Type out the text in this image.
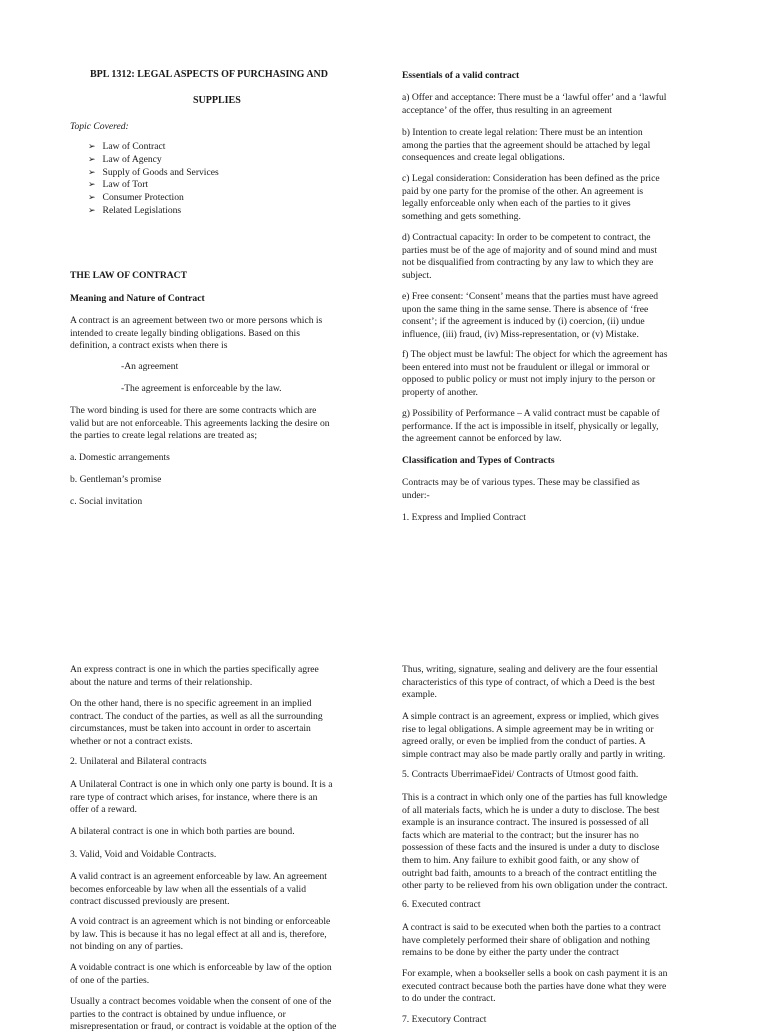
BPL 1312: LEGAL ASPECTS OF PURCHASING AND
SUPPLIES
Topic Covered:
➢ Law of Contract
➢ Law of Agency
➢ Supply of Goods and Services
➢ Law of Tort
➢ Consumer Protection
➢ Related Legislations
THE LAW OF CONTRACT
Meaning and Nature of Contract

A contract is an agreement between two or more persons which is

intended to create legally binding obligations. Based on this

definition, a contract exists when there is

-An agreement
-The agreement is enforceable by the law.

The word binding is used for there are some contracts which are

valid but are not enforceable. This agreements lacking the desire on

the parties to create legal relations are treated as;

a. Domestic arrangements
b. Gentleman’s promise
c. Social invitation
Essentials of a valid contract

a) Offer and acceptance: There must be a ‘lawful offer’ and a ‘lawful

acceptance’ of the offer, thus resulting in an agreement

b) Intention to create legal relation: There must be an intention

among the parties that the agreement should be attached by legal

consequences and create legal obligations.

c) Legal consideration: Consideration has been defined as the price

paid by one party for the promise of the other. An agreement is

legally enforceable only when each of the parties to it gives

something and gets something.

d) Contractual capacity: In order to be competent to contract, the

parties must be of the age of majority and of sound mind and must

not be disqualified from contracting by any law to which they are

subject.

e) Free consent: ‘Consent’ means that the parties must have agreed

upon the same thing in the same sense. There is absence of ‘free

consent’; if the agreement is induced by (i) coercion, (ii) undue

influence, (iii) fraud, (iv) Miss-representation, or (v) Mistake.

f) The object must be lawful: The object for which the agreement has

been entered into must not be fraudulent or illegal or immoral or

opposed to public policy or must not imply injury to the person or

property of another.

g) Possibility of Performance – A valid contract must be capable of

performance. If the act is impossible in itself, physically or legally,

the agreement cannot be enforced by law.

Classification and Types of Contracts

Contracts may be of various types. These may be classified as

under:-

1. Express and Implied Contract

An express contract is one in which the parties specifically agree

about the nature and terms of their relationship.

On the other hand, there is no specific agreement in an implied

contract. The conduct of the parties, as well as all the surrounding

circumstances, must be taken into account in order to ascertain

whether or not a contract exists.

2. Unilateral and Bilateral contracts

A Unilateral Contract is one in which only one party is bound. It is a

rare type of contract which arises, for instance, where there is an

offer of a reward.

A bilateral contract is one in which both parties are bound.

3. Valid, Void and Voidable Contracts.

A valid contract is an agreement enforceable by law. An agreement

becomes enforceable by law when all the essentials of a valid

contract discussed previously are present.

A void contract is an agreement which is not binding or enforceable

by law. This is because it has no legal effect at all and is, therefore,

not binding on any of parties.

A voidable contract is one which is enforceable by law of the option

of one of the parties.

Usually a contract becomes voidable when the consent of one of the

parties to the contract is obtained by undue influence, or

misrepresentation or fraud, or contract is voidable at the option of the

Thus, writing, signature, sealing and delivery are the four essential

characteristics of this type of contract, of which a Deed is the best

example.

A simple contract is an agreement, express or implied, which gives

rise to legal obligations. A simple agreement may be in writing or

agreed orally, or even be implied from the conduct of parties. A

simple contract may also be made partly orally and partly in writing.

5. Contracts UberrimaeFidei/ Contracts of Utmost good faith.

This is a contract in which only one of the parties has full knowledge

of all materials facts, which he is under a duty to disclose. The best

example is an insurance contract. The insured is possessed of all

facts which are material to the contract; but the insurer has no

possession of these facts and the insured is under a duty to disclose

them to him. Any failure to exhibit good faith, or any show of

outright bad faith, amounts to a breach of the contract entitling the

other party to be relieved from his own obligation under the contract.

6. Executed contract

A contract is said to be executed when both the parties to a contract

have completely performed their share of obligation and nothing

remains to be done by either the party under the contract

For example, when a bookseller sells a book on cash payment it is an

executed contract because both the parties have done what they were

to do under the contract.

7. Executory Contract
